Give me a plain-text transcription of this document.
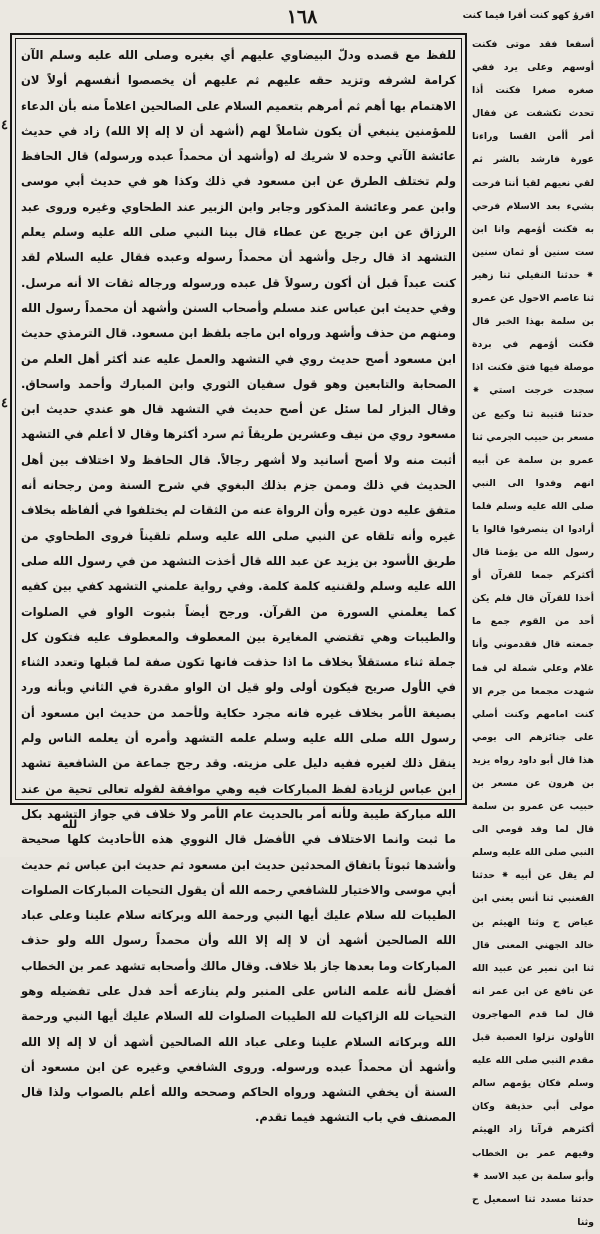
١٦٨	اقرؤ كهو كنت أقرا فيما كنت
٤
٤
للفظ مع قصده ودلّ البيضاوي عليهم أي بغيره وصلى الله عليه وسلم الآن كرامة لشرفه وتزيد حقه عليهم ثم عليهم أن يخصصوا أنفسهم أولاً لان الاهتمام بها أهم ثم أمرهم بتعميم السلام على الصالحين اعلاماً منه بأن الدعاء للمؤمنين ينبغي أن يكون شاملاً لهم (أشهد أن لا إله إلا الله) زاد في حديث عائشة الآتي وحده لا شريك له (وأشهد أن محمداً عبده ورسوله) قال الحافظ ولم تختلف الطرق عن ابن مسعود في ذلك وكذا هو في حديث أبي موسى وابن عمر وعائشة المذكور وجابر وابن الزبير عند الطحاوي وغيره وروى عبد الرزاق عن ابن جريج عن عطاء قال بينا النبي صلى الله عليه وسلم يعلم التشهد اذ قال رجل وأشهد أن محمداً رسوله وعبده فقال عليه السلام لقد كنت عبداً قبل أن أكون رسولاً قل عبده ورسوله ورجاله ثقات الا أنه مرسل. وفي حديث ابن عباس عند مسلم وأصحاب السنن وأشهد أن محمداً رسول الله ومنهم من حذف وأشهد ورواه ابن ماجه بلفظ ابن مسعود. قال الترمذي حديث ابن مسعود أصح حديث روي في التشهد والعمل عليه عند أكثر أهل العلم من الصحابة والتابعين وهو قول سفيان الثوري وابن المبارك وأحمد واسحاق. وقال البزار لما سئل عن أصح حديث في التشهد قال هو عندي حديث ابن مسعود روي من نيف وعشرين طريقاً ثم سرد أكثرها وقال لا أعلم في التشهد أثبت منه ولا أصح أسانيد ولا أشهر رجالاً. قال الحافظ ولا اختلاف بين أهل الحديث في ذلك وممن جزم بذلك البغوي في شرح السنة ومن رجحانه أنه متفق عليه دون غيره وأن الرواة عنه من الثقات لم يختلفوا في ألفاظه بخلاف غيره وأنه تلقاه عن النبي صلى الله عليه وسلم تلقيناً فروى الطحاوي من طريق الأسود بن يزيد عن عبد الله قال أخذت التشهد من في رسول الله صلى الله عليه وسلم ولقننيه كلمة كلمة. وفي رواية علمني التشهد كفي بين كفيه كما يعلمني السورة من القرآن. ورجح أيضاً بثبوت الواو في الصلوات والطيبات وهي تقتضي المغايرة بين المعطوف والمعطوف عليه فتكون كل جملة ثناء مستقلاً بخلاف ما اذا حذفت فانها تكون صفة لما قبلها وتعدد الثناء في الأول صريح فيكون أولى ولو قيل ان الواو مقدرة في الثاني وبأنه ورد بصيغة الأمر بخلاف غيره فانه مجرد حكاية ولأحمد من حديث ابن مسعود أن رسول الله صلى الله عليه وسلم علمه التشهد وأمره أن يعلمه الناس ولم ينقل ذلك لغيره ففيه دليل على مزيته. وقد رجح جماعة من الشافعية تشهد ابن عباس لزيادة لفظ المباركات فيه وهي موافقة لقوله تعالى تحية من عند الله مباركة طيبة ولأنه أمر بالحديث عام الأمر ولا خلاف في جواز التشهد بكل ما ثبت وانما الاختلاف في الأفضل قال النووي هذه الأحاديث كلها صحيحة وأشدها ثبوتاً باتفاق المحدثين حديث ابن مسعود ثم حديث ابن عباس ثم حديث أبي موسى والاختيار للشافعي رحمه الله أن يقول التحيات المباركات الصلوات الطيبات لله سلام عليك أيها النبي ورحمة الله وبركاته سلام علينا وعلى عباد الله الصالحين أشهد أن لا إله إلا الله وأن محمداً رسول الله ولو حذف المباركات وما بعدها جاز بلا خلاف. وقال مالك وأصحابه تشهد عمر بن الخطاب أفضل لأنه علمه الناس على المنبر ولم ينازعه أحد فدل على تفضيله وهو التحيات لله الزاكيات لله الطيبات الصلوات لله السلام عليك أيها النبي ورحمة الله وبركاته السلام علينا وعلى عباد الله الصالحين أشهد أن لا إله إلا الله وأشهد أن محمداً عبده ورسوله. وروى الشافعي وغيره عن ابن مسعود أن السنة أن يخفي التشهد ورواه الحاكم وصححه والله أعلم بالصواب ولذا قال المصنف في باب التشهد فيما تقدم.
أسفعا فقد موتى فكنت أوسهم وعلى يرد ففي صغره صغرا فكنت أذا تحدث تكشفت عن فقال أمر أأمن القسا وراءنا عورة فارشد بالشر ثم لقي نعيهم لقيا أننا فرحت بشيء بعد الاسلام فرحي به فكنت أؤمهم وانا ابن ست سنين أو ثمان سنين ⁕ حدثنا النفيلي ثنا زهير ثنا عاصم الاحول عن عمرو بن سلمة بهذا الخبر قال فكنت أؤمهم في بردة موصلة فيها فتق فكنت اذا سجدت خرجت استي ⁕ حدثنا قتيبة ثنا وكيع عن مسعر بن حبيب الجرمي ثنا عمرو بن سلمة عن أبيه انهم وفدوا الى النبي صلى الله عليه وسلم فلما أرادوا ان ينصرفوا قالوا يا رسول الله من يؤمنا قال أكثركم جمعا للقرآن أو أخذا للقرآن قال فلم يكن أحد من القوم جمع ما جمعته قال فقدموني وأنا غلام وعلي شملة لي فما شهدت مجمعا من جرم الا كنت امامهم وكنت أصلي على جنائزهم الى يومي هذا قال أبو داود رواه يزيد بن هرون عن مسعر بن حبيب عن عمرو بن سلمة قال لما وفد قومي الى النبي صلى الله عليه وسلم لم يقل عن أبيه ⁕ حدثنا القعنبي ثنا أنس يعني ابن عياض ح وثنا الهيثم بن خالد الجهني المعنى قال ثنا ابن نمير عن عبيد الله عن نافع عن ابن عمر انه قال لما قدم المهاجرون الأولون نزلوا العصبة قبل مقدم النبي صلى الله عليه وسلم فكان يؤمهم سالم مولى أبي حذيفة وكان أكثرهم قرآنا زاد الهيثم وفيهم عمر بن الخطاب وأبو سلمة بن عبد الاسد ⁕ حدثنا مسدد ثنا اسمعيل ح وثنا
لله
